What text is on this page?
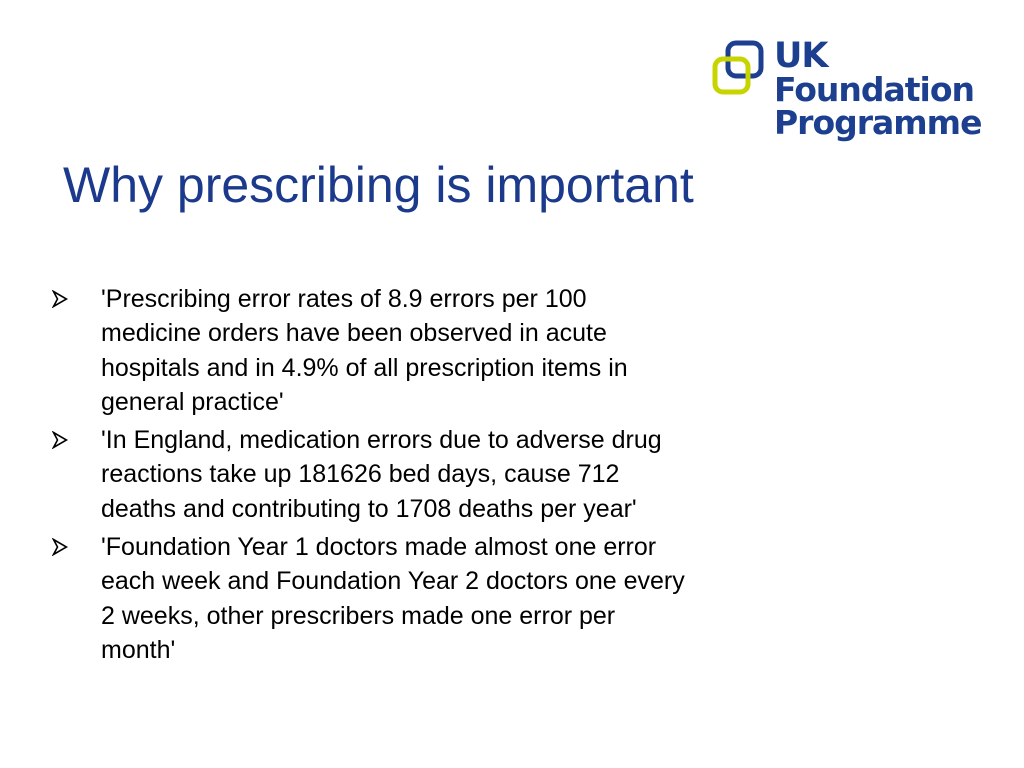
UK
Foundation
Programme
Why prescribing is important
'Prescribing error rates of 8.9 errors per 100 medicine orders have been observed in acute hospitals and in 4.9% of all prescription items in general practice'
'In England, medication errors due to adverse drug reactions take up 181626 bed days, cause 712 deaths and contributing to 1708 deaths per year'
'Foundation Year 1 doctors made almost one error each week and Foundation Year 2 doctors one every 2 weeks, other prescribers made one error per month'
